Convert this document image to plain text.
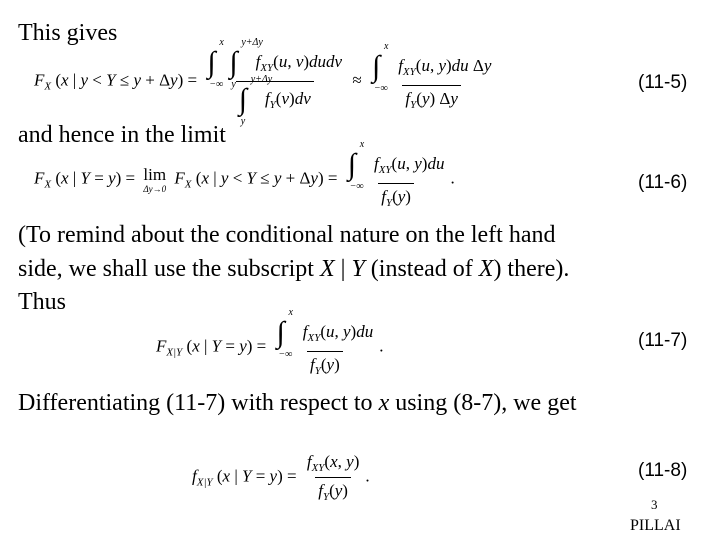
This gives
and hence in the limit
(To remind about the conditional nature on the left hand
side, we shall use the subscript X | Y (instead of X) there).
Thus
Differentiating (11-7) with respect to x using (8-7), we get
$F_X$ (x | y < Y ≤ y + Δy) = ∫
x
−∞
∫
y+Δy
y
$f_{XY}(u$, v)dudv
∫
y+Δy
y
$f_Y(v)dv$ ≈ ∫
x
−∞
$f_{XY}(u$, y)du Δy
$f_Y(y)$ Δy	(11-5)
$F_X$ (x | Y = y) = lim
Δy→0
$F_X$ (x | y < Y ≤ y + Δy) = ∫
x
−∞
$f_{XY}(u$, y)du
$f_Y(y)$ .	(11-6)
$F_{X|Y}$ (x | Y = y) = ∫
x
−∞
$f_{XY}(u$, y)du
$f_Y(y)$ .	(11-7)
$f_{X|Y}$ (x | $Y = y) = \frac{f_{XY}(x, y)}{f_Y(y)}$ .	(11-8)
3
PILLAI
